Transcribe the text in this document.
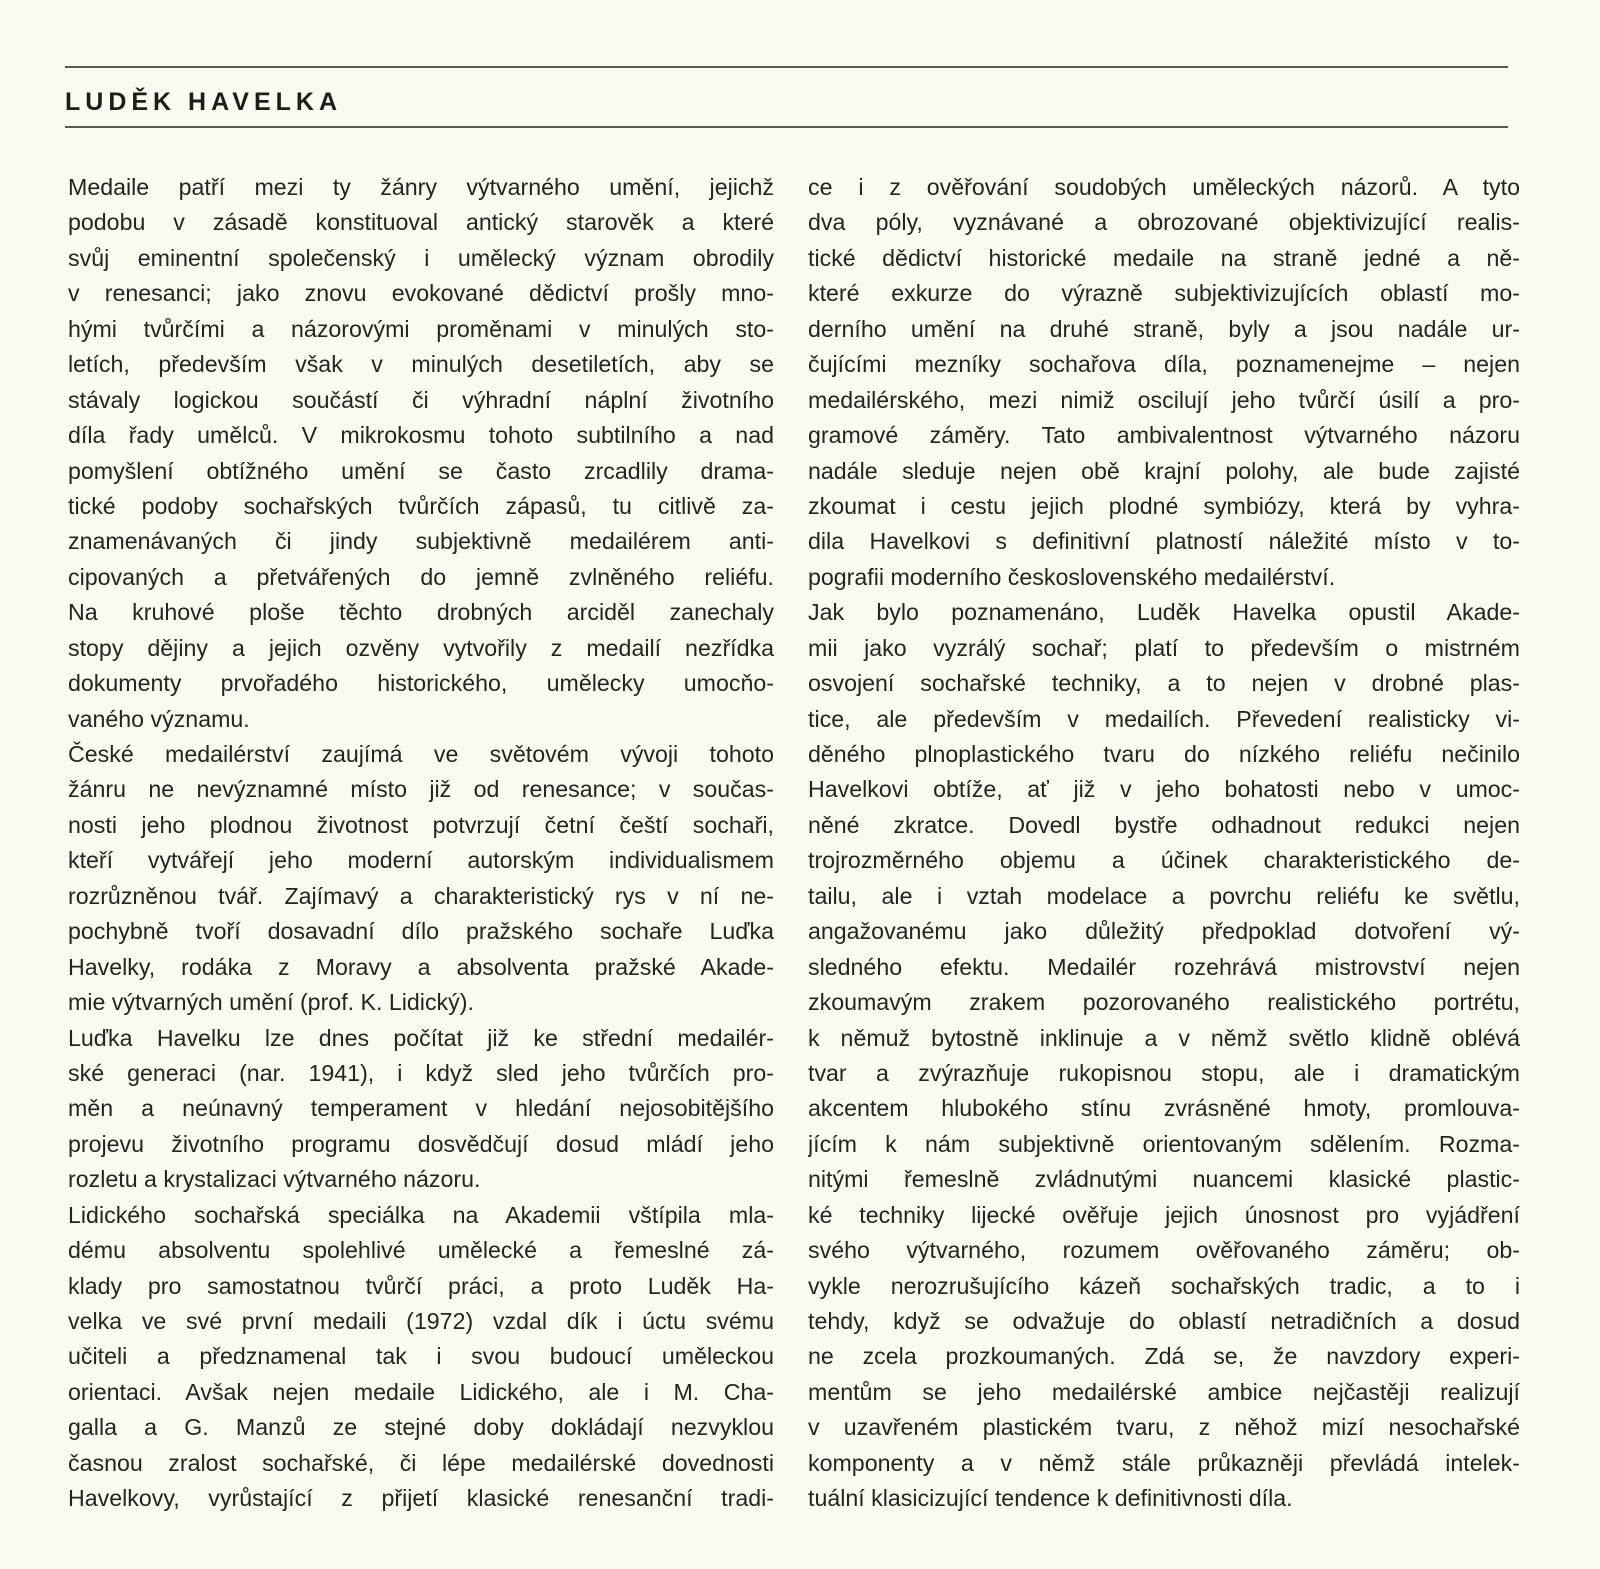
LUDĚK HAVELKA
Medaile patří mezi ty žánry výtvarného umění, jejichž
podobu v zásadě konstituoval antický starověk a které
svůj eminentní společenský i umělecký význam obrodily
v renesanci; jako znovu evokované dědictví prošly mno-
hými tvůrčími a názorovými proměnami v minulých sto-
letích, především však v minulých desetiletích, aby se
stávaly logickou součástí či výhradní náplní životního
díla řady umělců. V mikrokosmu tohoto subtilního a nad
pomyšlení obtížného umění se často zrcadlily drama-
tické podoby sochařských tvůrčích zápasů, tu citlivě za-
znamenávaných či jindy subjektivně medailérem anti-
cipovaných a přetvářených do jemně zvlněného reliéfu.
Na kruhové ploše těchto drobných arciděl zanechaly
stopy dějiny a jejich ozvěny vytvořily z medailí nezřídka
dokumenty prvořadého historického, umělecky umocňo-
vaného významu.
České medailérství zaujímá ve světovém vývoji tohoto
žánru ne nevýznamné místo již od renesance; v součas-
nosti jeho plodnou životnost potvrzují četní čeští sochaři,
kteří vytvářejí jeho moderní autorským individualismem
rozrůzněnou tvář. Zajímavý a charakteristický rys v ní ne-
pochybně tvoří dosavadní dílo pražského sochaře Luďka
Havelky, rodáka z Moravy a absolventa pražské Akade-
mie výtvarných umění (prof. K. Lidický).
Luďka Havelku lze dnes počítat již ke střední medailér-
ské generaci (nar. 1941), i když sled jeho tvůrčích pro-
měn a neúnavný temperament v hledání nejosobitějšího
projevu životního programu dosvědčují dosud mládí jeho
rozletu a krystalizaci výtvarného názoru.
Lidického sochařská speciálka na Akademii vštípila mla-
dému absolventu spolehlivé umělecké a řemeslné zá-
klady pro samostatnou tvůrčí práci, a proto Luděk Ha-
velka ve své první medaili (1972) vzdal dík i úctu svému
učiteli a předznamenal tak i svou budoucí uměleckou
orientaci. Avšak nejen medaile Lidického, ale i M. Cha-
galla a G. Manzů ze stejné doby dokládají nezvyklou
časnou zralost sochařské, či lépe medailérské dovednosti
Havelkovy, vyrůstající z přijetí klasické renesanční tradi-
ce i z ověřování soudobých uměleckých názorů. A tyto
dva póly, vyznávané a obrozované objektivizující realis-
tické dědictví historické medaile na straně jedné a ně-
které exkurze do výrazně subjektivizujících oblastí mo-
derního umění na druhé straně, byly a jsou nadále ur-
čujícími mezníky sochařova díla, poznamenejme – nejen
medailérského, mezi nimiž oscilují jeho tvůrčí úsilí a pro-
gramové záměry. Tato ambivalentnost výtvarného názoru
nadále sleduje nejen obě krajní polohy, ale bude zajisté
zkoumat i cestu jejich plodné symbiózy, která by vyhra-
dila Havelkovi s definitivní platností náležité místo v to-
pografii moderního československého medailérství.
Jak bylo poznamenáno, Luděk Havelka opustil Akade-
mii jako vyzrálý sochař; platí to především o mistrném
osvojení sochařské techniky, a to nejen v drobné plas-
tice, ale především v medailích. Převedení realisticky vi-
děného plnoplastického tvaru do nízkého reliéfu nečinilo
Havelkovi obtíže, ať již v jeho bohatosti nebo v umoc-
něné zkratce. Dovedl bystře odhadnout redukci nejen
trojrozměrného objemu a účinek charakteristického de-
tailu, ale i vztah modelace a povrchu reliéfu ke světlu,
angažovanému jako důležitý předpoklad dotvoření vý-
sledného efektu. Medailér rozehrává mistrovství nejen
zkoumavým zrakem pozorovaného realistického portrétu,
k němuž bytostně inklinuje a v němž světlo klidně oblévá
tvar a zvýrazňuje rukopisnou stopu, ale i dramatickým
akcentem hlubokého stínu zvrásněné hmoty, promlouva-
jícím k nám subjektivně orientovaným sdělením. Rozma-
nitými řemeslně zvládnutými nuancemi klasické plastic-
ké techniky lijecké ověřuje jejich únosnost pro vyjádření
svého výtvarného, rozumem ověřovaného záměru; ob-
vykle nerozrušujícího kázeň sochařských tradic, a to i
tehdy, když se odvažuje do oblastí netradičních a dosud
ne zcela prozkoumaných. Zdá se, že navzdory experi-
mentům se jeho medailérské ambice nejčastěji realizují
v uzavřeném plastickém tvaru, z něhož mizí nesochařské
komponenty a v němž stále průkazněji převládá intelek-
tuální klasicizující tendence k definitivnosti díla.
